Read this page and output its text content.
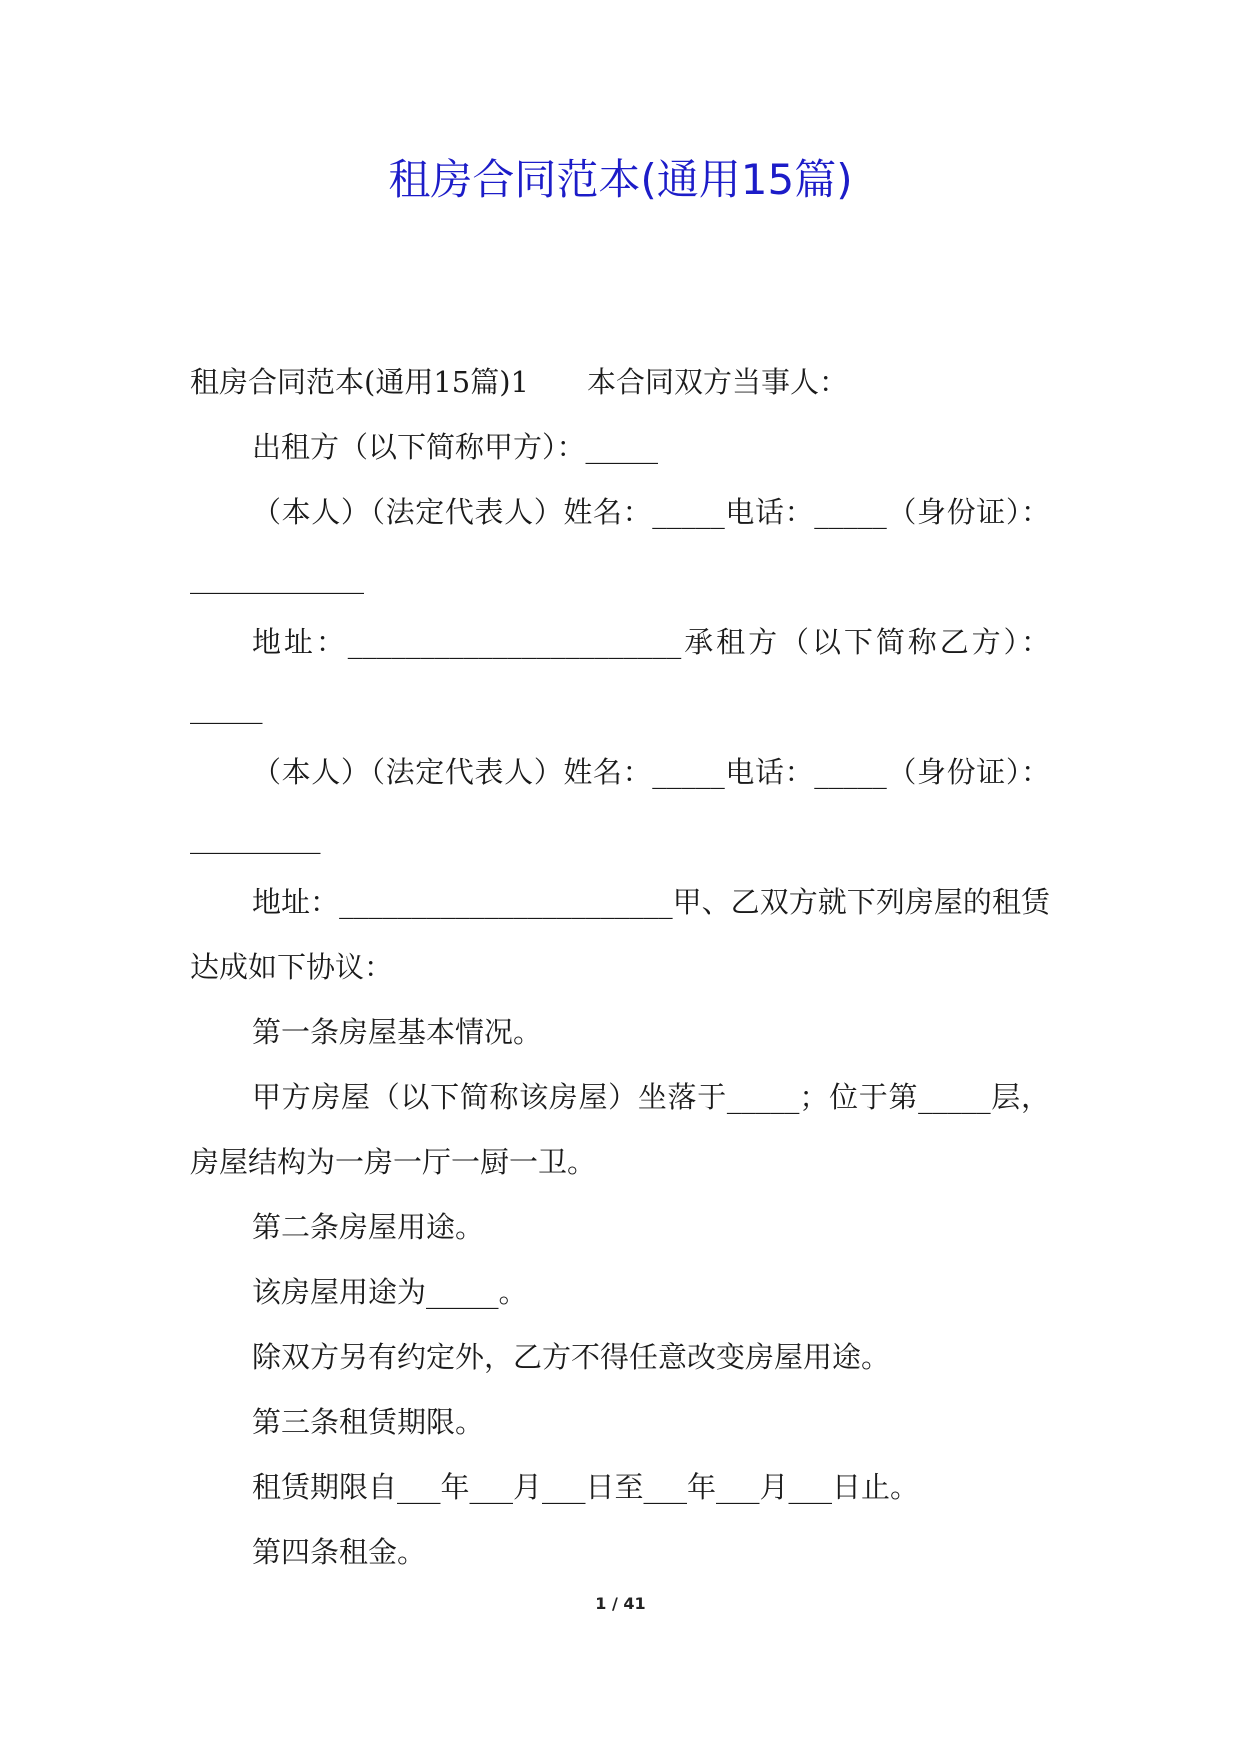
租房合同范本(通用15篇)

租房合同范本(通用15篇)1　　本合同双方当事人：

出租方（以下简称甲方）：_____

（本人）（法定代表人）姓名：_____电话：_____（身份证）：____________

地址：_______________________承租方（以下简称乙方）：_____

（本人）（法定代表人）姓名：_____电话：_____（身份证）：_________

地址：_______________________甲、乙双方就下列房屋的租赁达成如下协议：

第一条房屋基本情况。

甲方房屋（以下简称该房屋）坐落于_____；位于第_____层，房屋结构为一房一厅一厨一卫。

第二条房屋用途。

该房屋用途为_____。

除双方另有约定外，乙方不得任意改变房屋用途。

第三条租赁期限。

租赁期限自___年___月___日至___年___月___日止。

第四条租金。

1 / 41
